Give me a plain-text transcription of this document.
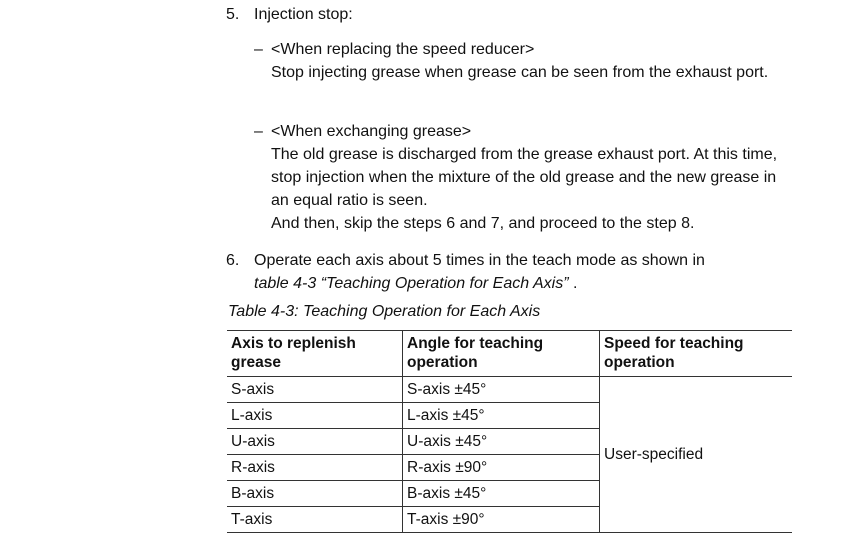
5. Injection stop:
– <When replacing the speed reducer>

Stop injecting grease when grease can be seen from the exhaust port.

– <When exchanging grease>

The old grease is discharged from the grease exhaust port. At this time, stop injection when the mixture of the old grease and the new grease in an equal ratio is seen.

And then, skip the steps 6 and 7, and proceed to the step 8.

6. Operate each axis about 5 times in the teach mode as shown in
table 4-3 “Teaching Operation for Each Axis” .
Table 4-3: Teaching Operation for Each Axis
Axis to replenish grease	Angle for teaching operation	Speed for teaching operation
S-axis	S-axis ±45°	User-specified
L-axis	L-axis ±45°	
U-axis	U-axis ±45°	
R-axis	R-axis ±90°	
B-axis	B-axis ±45°	
T-axis	T-axis ±90°	
